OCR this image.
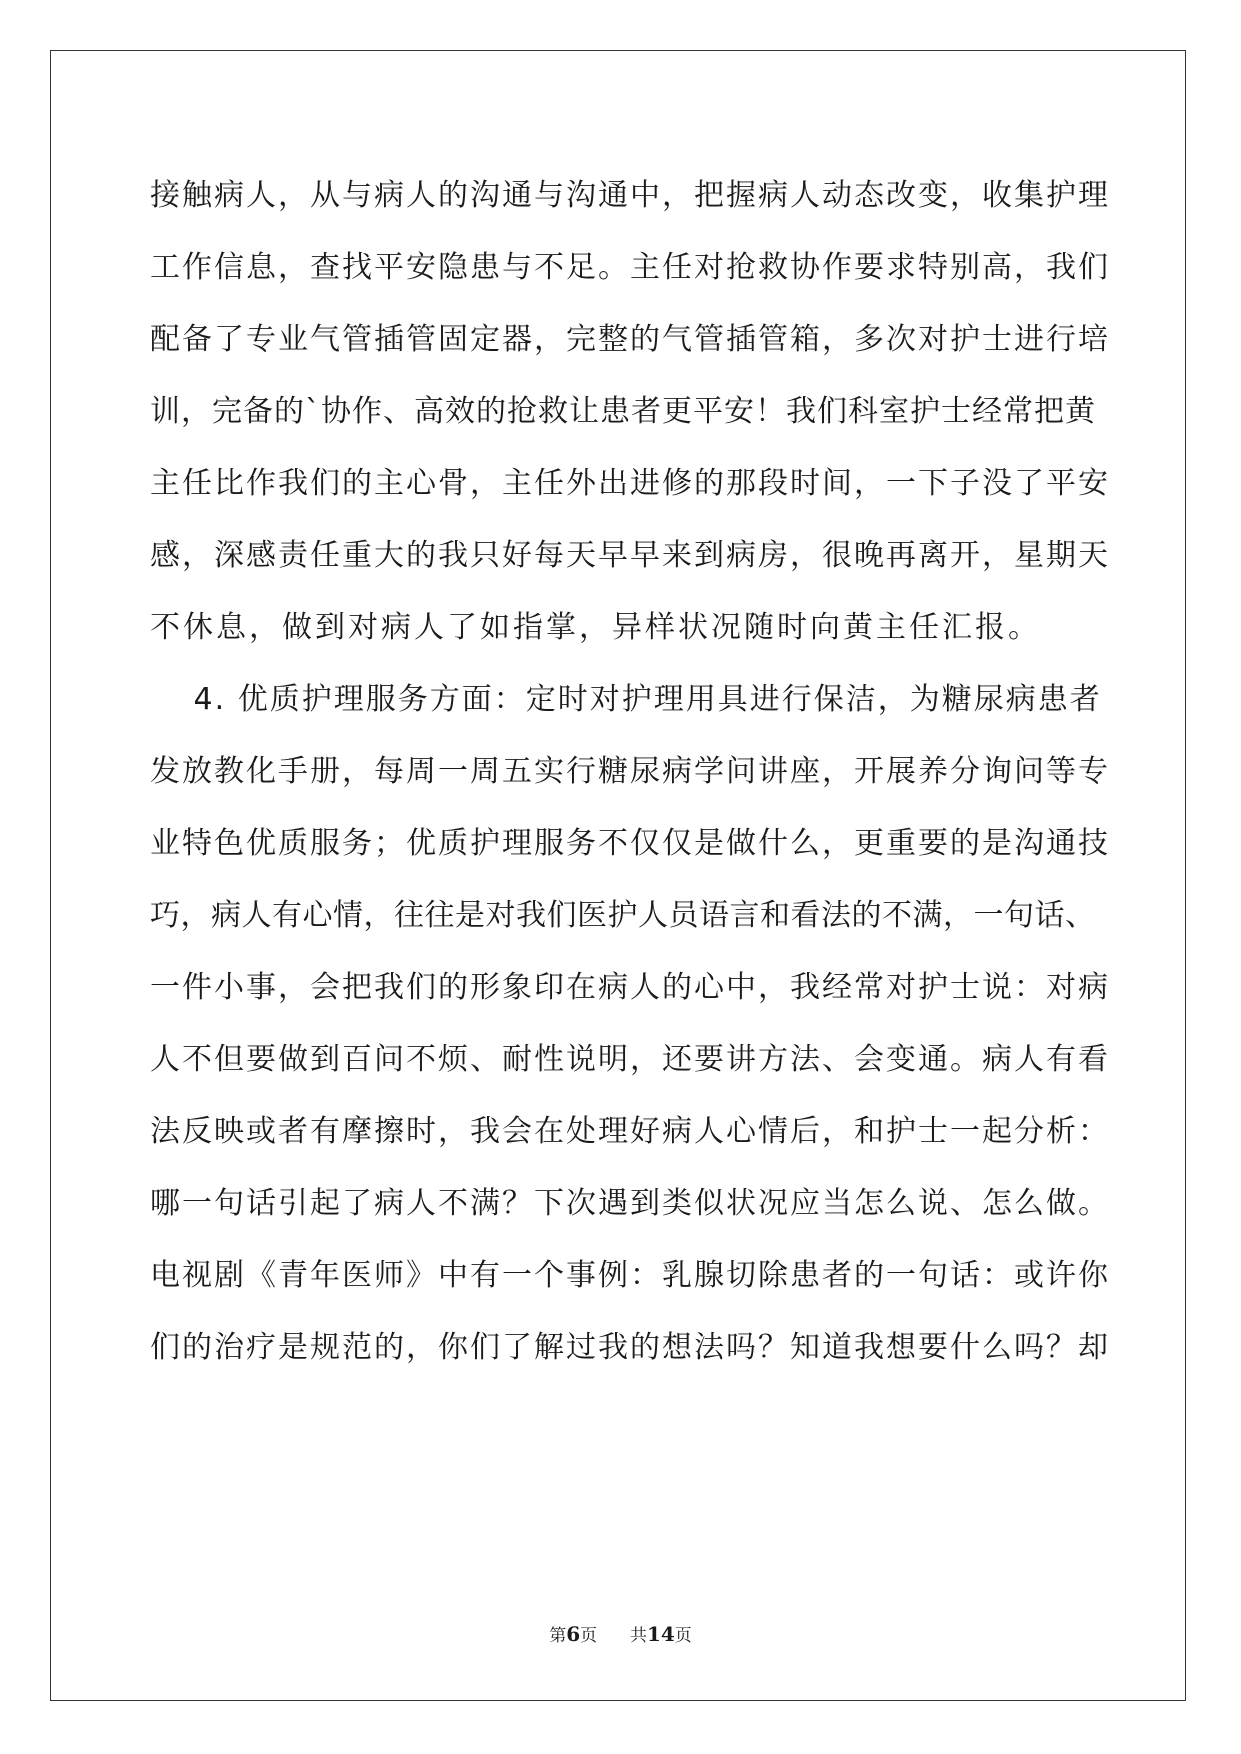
接触病人，从与病人的沟通与沟通中，把握病人动态改变，收集护理
工作信息，查找平安隐患与不足。主任对抢救协作要求特别高，我们
配备了专业气管插管固定器，完整的气管插管箱，多次对护士进行培
训，完备的`协作、高效的抢救让患者更平安！我们科室护士经常把黄
主任比作我们的主心骨，主任外出进修的那段时间，一下子没了平安
感，深感责任重大的我只好每天早早来到病房，很晚再离开，星期天
不休息，做到对病人了如指掌，异样状况随时向黄主任汇报。
　 4. 优质护理服务方面：定时对护理用具进行保洁，为糖尿病患者
发放教化手册，每周一周五实行糖尿病学问讲座，开展养分询问等专
业特色优质服务；优质护理服务不仅仅是做什么，更重要的是沟通技
巧，病人有心情，往往是对我们医护人员语言和看法的不满，一句话、
一件小事，会把我们的形象印在病人的心中，我经常对护士说：对病
人不但要做到百问不烦、耐性说明，还要讲方法、会变通。病人有看
法反映或者有摩擦时，我会在处理好病人心情后，和护士一起分析：
哪一句话引起了病人不满？下次遇到类似状况应当怎么说、怎么做。
电视剧《青年医师》中有一个事例：乳腺切除患者的一句话：或许你
们的治疗是规范的，你们了解过我的想法吗？知道我想要什么吗？却
第6页 共14页
